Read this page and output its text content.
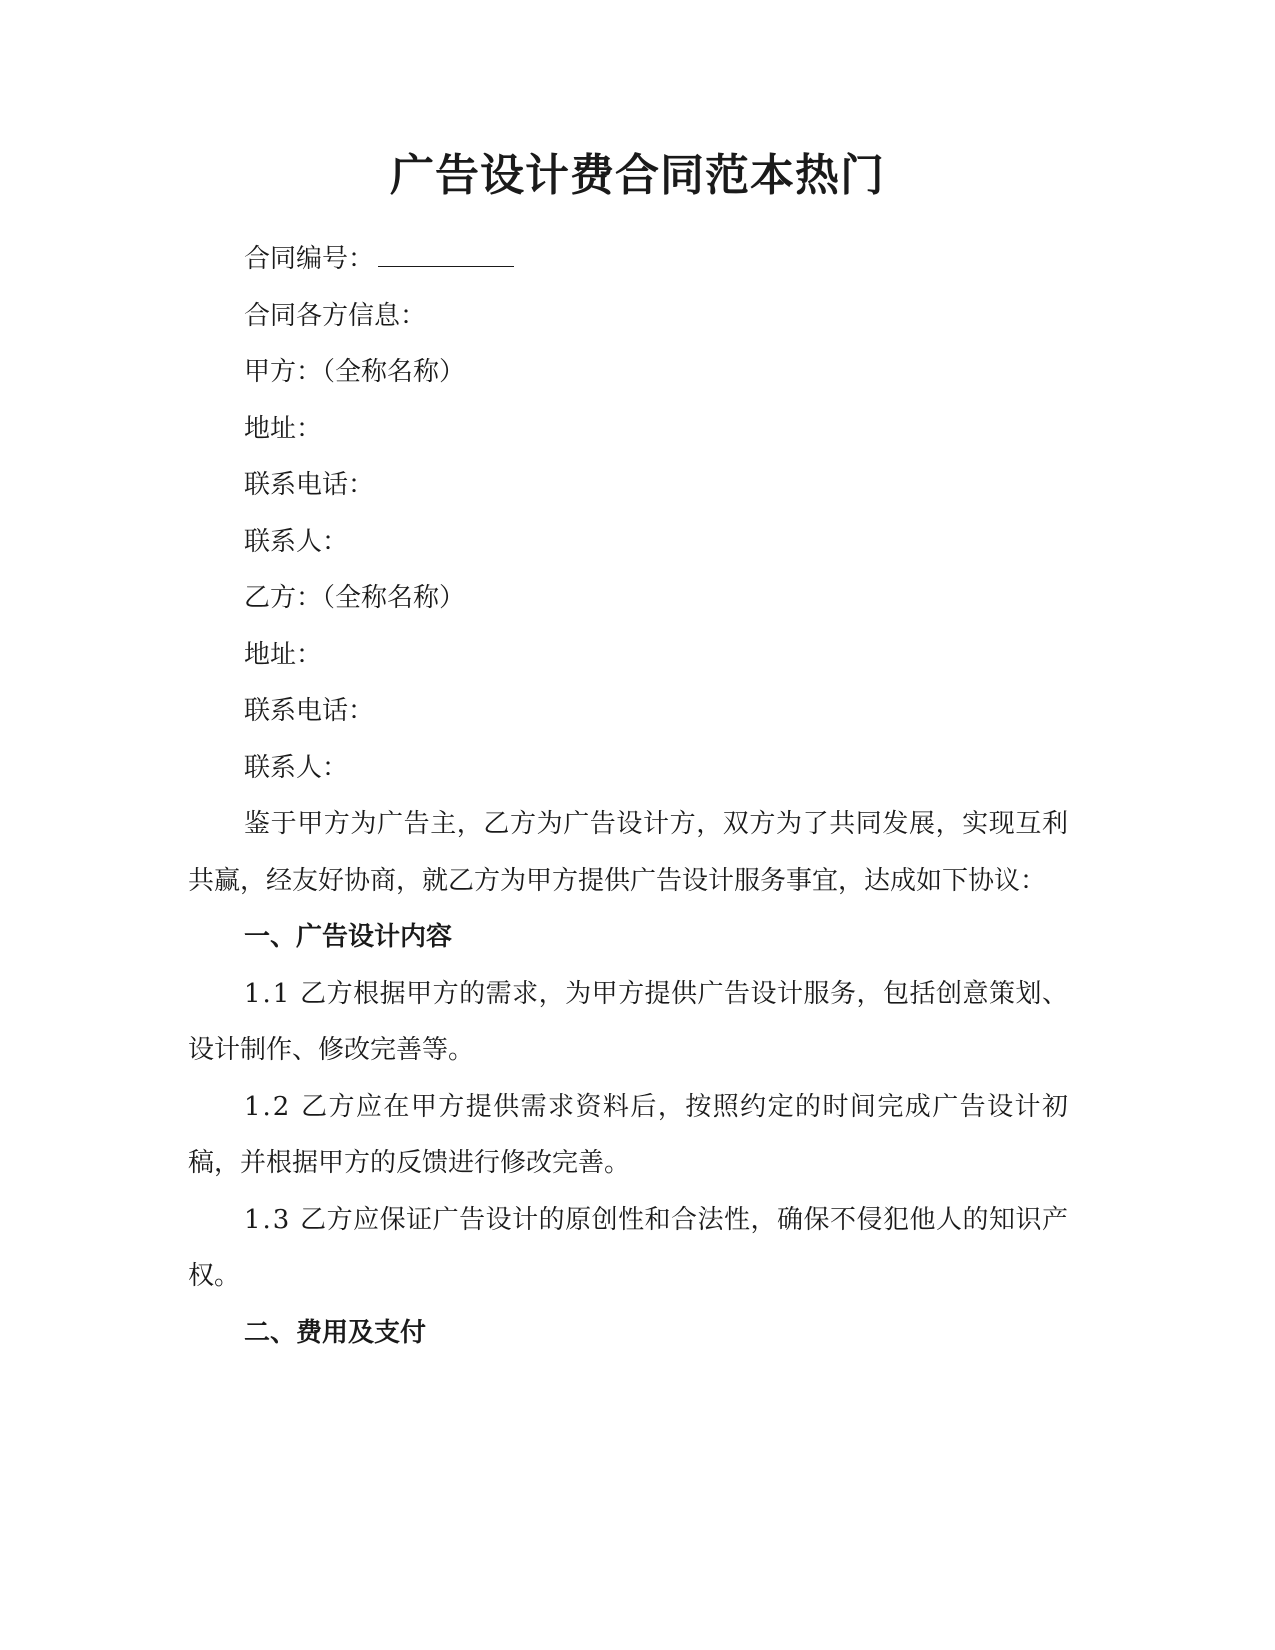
广告设计费合同范本热门
合同编号：
合同各方信息：
甲方：（全称名称）
地址：
联系电话：
联系人：
乙方：（全称名称）
地址：
联系电话：
联系人：

鉴于甲方为广告主，乙方为广告设计方，双方为了共同发展，实现互利共赢，经友好协商，就乙方为甲方提供广告设计服务事宜，达成如下协议：

一、广告设计内容

1.1 乙方根据甲方的需求，为甲方提供广告设计服务，包括创意策划、设计制作、修改完善等。

1.2 乙方应在甲方提供需求资料后，按照约定的时间完成广告设计初稿，并根据甲方的反馈进行修改完善。

1.3 乙方应保证广告设计的原创性和合法性，确保不侵犯他人的知识产权。

二、费用及支付
